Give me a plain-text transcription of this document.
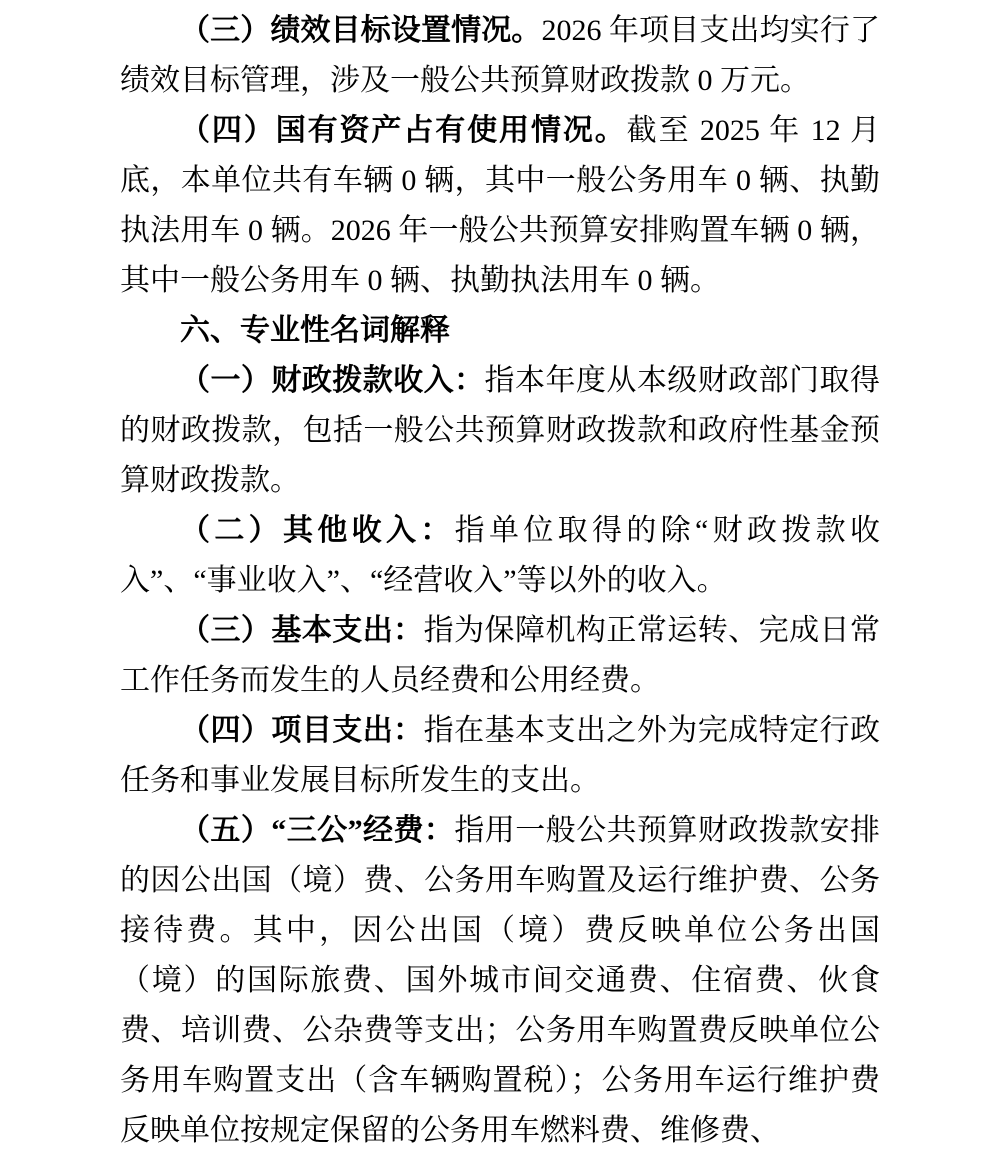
（三）绩效目标设置情况。2026 年项目支出均实行了绩效目标管理，涉及一般公共预算财政拨款 0 万元。

（四）国有资产占有使用情况。截至 2025 年 12 月底，本单位共有车辆 0 辆，其中一般公务用车 0 辆、执勤执法用车 0 辆。2026 年一般公共预算安排购置车辆 0 辆，其中一般公务用车 0 辆、执勤执法用车 0 辆。

六、专业性名词解释

（一）财政拨款收入：指本年度从本级财政部门取得的财政拨款，包括一般公共预算财政拨款和政府性基金预算财政拨款。

（二）其他收入：指单位取得的除“财政拨款收入”、“事业收入”、“经营收入”等以外的收入。

（三）基本支出：指为保障机构正常运转、完成日常工作任务而发生的人员经费和公用经费。

（四）项目支出：指在基本支出之外为完成特定行政任务和事业发展目标所发生的支出。

（五）“三公”经费：指用一般公共预算财政拨款安排的因公出国（境）费、公务用车购置及运行维护费、公务接待费。其中，因公出国（境）费反映单位公务出国（境）的国际旅费、国外城市间交通费、住宿费、伙食费、培训费、公杂费等支出；公务用车购置费反映单位公务用车购置支出（含车辆购置税）；公务用车运行维护费反映单位按规定保留的公务用车燃料费、维修费、
